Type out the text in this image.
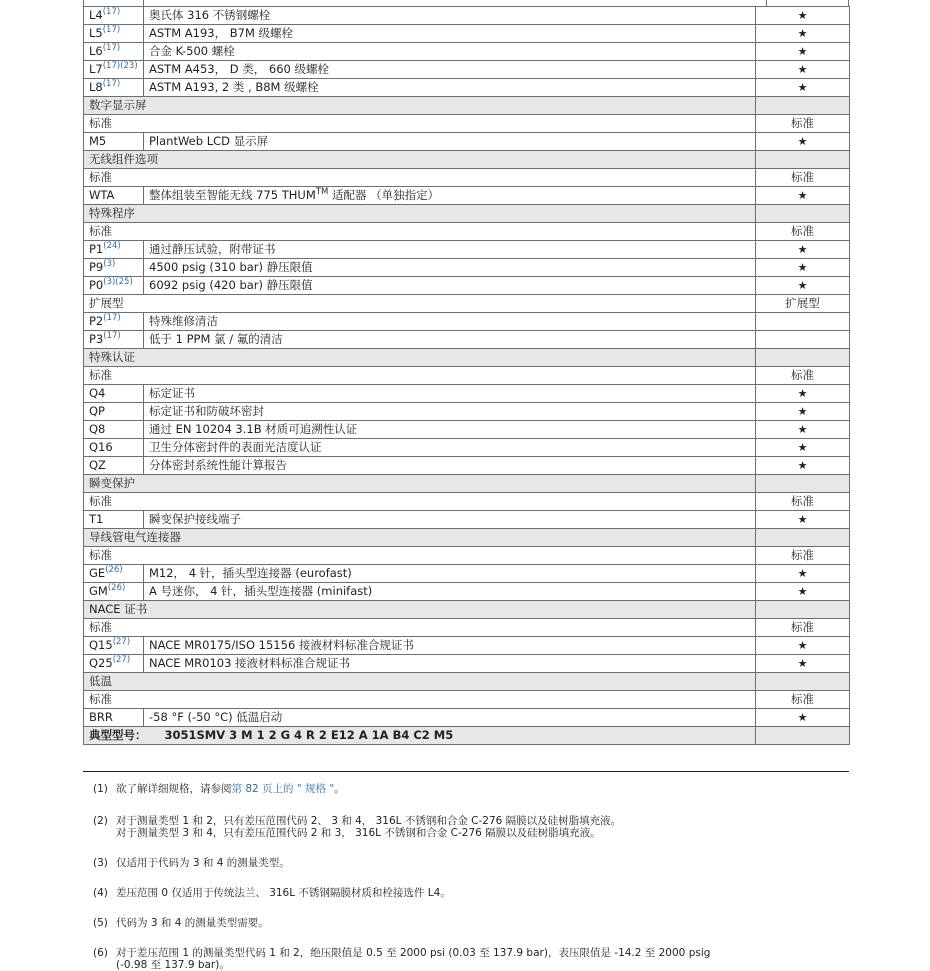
L4$^{(17)}$	奥氏体 316 不锈钢螺栓	★
L5$^{(17)}$	ASTM A193， B7M 级螺栓	★
L6$^{(17)}$	合金 K-500 螺栓	★
$L7^{(17)(23)}$	ASTM A453， D 类， 660 级螺栓	★
L8$^{(17)}$	ASTM A193, 2 类 , B8M 级螺栓	★
数字显示屏		
标准		标准
M5	PlantWeb LCD 显示屏	★
无线组件选项		
标准		标准
WTA	整体组装至智能无线 775 THUM™ 适配器 （单独指定）	★
特殊程序		
标准		标准
P1$^{(24)}$	通过静压试验，附带证书	★
P9$^{(3)}$	4500 psig (310 bar) 静压限值	★
$P0^{(3)(25)}$	6092 psig (420 bar) 静压限值	★
扩展型		扩展型
P2$^{(17)}$	特殊维修清洁	
P3$^{(17)}$	低于 1 PPM 氯 / 氟的清洁	
特殊认证		
标准		标准
Q4	标定证书	★
QP	标定证书和防破坏密封	★
Q8	通过 EN 10204 3.1B 材质可追溯性认证	★
Q16	卫生分体密封件的表面光洁度认证	★
QZ	分体密封系统性能计算报告	★
瞬变保护		
标准		标准
T1	瞬变保护接线端子	★
导线管电气连接器		
标准		标准
GE$^{(26)}$	M12， 4 针，插头型连接器 (eurofast)	★
GM$^{(26)}$	A 号迷你， 4 针，插头型连接器 (minifast)	★
NACE 证书		
标准		标准
Q15$^{(27)}$	NACE MR0175/ISO 15156 接液材料标准合规证书	★
Q25$^{(27)}$	NACE MR0103 接液材料标准合规证书	★
低温		
标准		标准
BRR	-58 °F (-50 °C) 低温启动	★
典型型号： 3051SMV 3 M 1 2 G 4 R 2 E12 A 1A B4 C2 M5		
(1) 欲了解详细规格，请参阅第 82 页上的 " 规格 "。
(2) 对于测量类型 1 和 2，只有差压范围代码 2、 3 和 4， 316L 不锈钢和合金 C-276 隔膜以及硅树脂填充液。
对于测量类型 3 和 4，只有差压范围代码 2 和 3， 316L 不锈钢和合金 C-276 隔膜以及硅树脂填充液。
(3) 仅适用于代码为 3 和 4 的测量类型。
(4) 差压范围 0 仅适用于传统法兰、 316L 不锈钢隔膜材质和栓接选件 L4。
(5) 代码为 3 和 4 的测量类型需要。
(6) 对于差压范围 1 的测量类型代码 1 和 2，绝压限值是 0.5 至 2000 psi (0.03 至 137.9 bar)，表压限值是 -14.2 至 2000 psig
(-0.98 至 137.9 bar)。
